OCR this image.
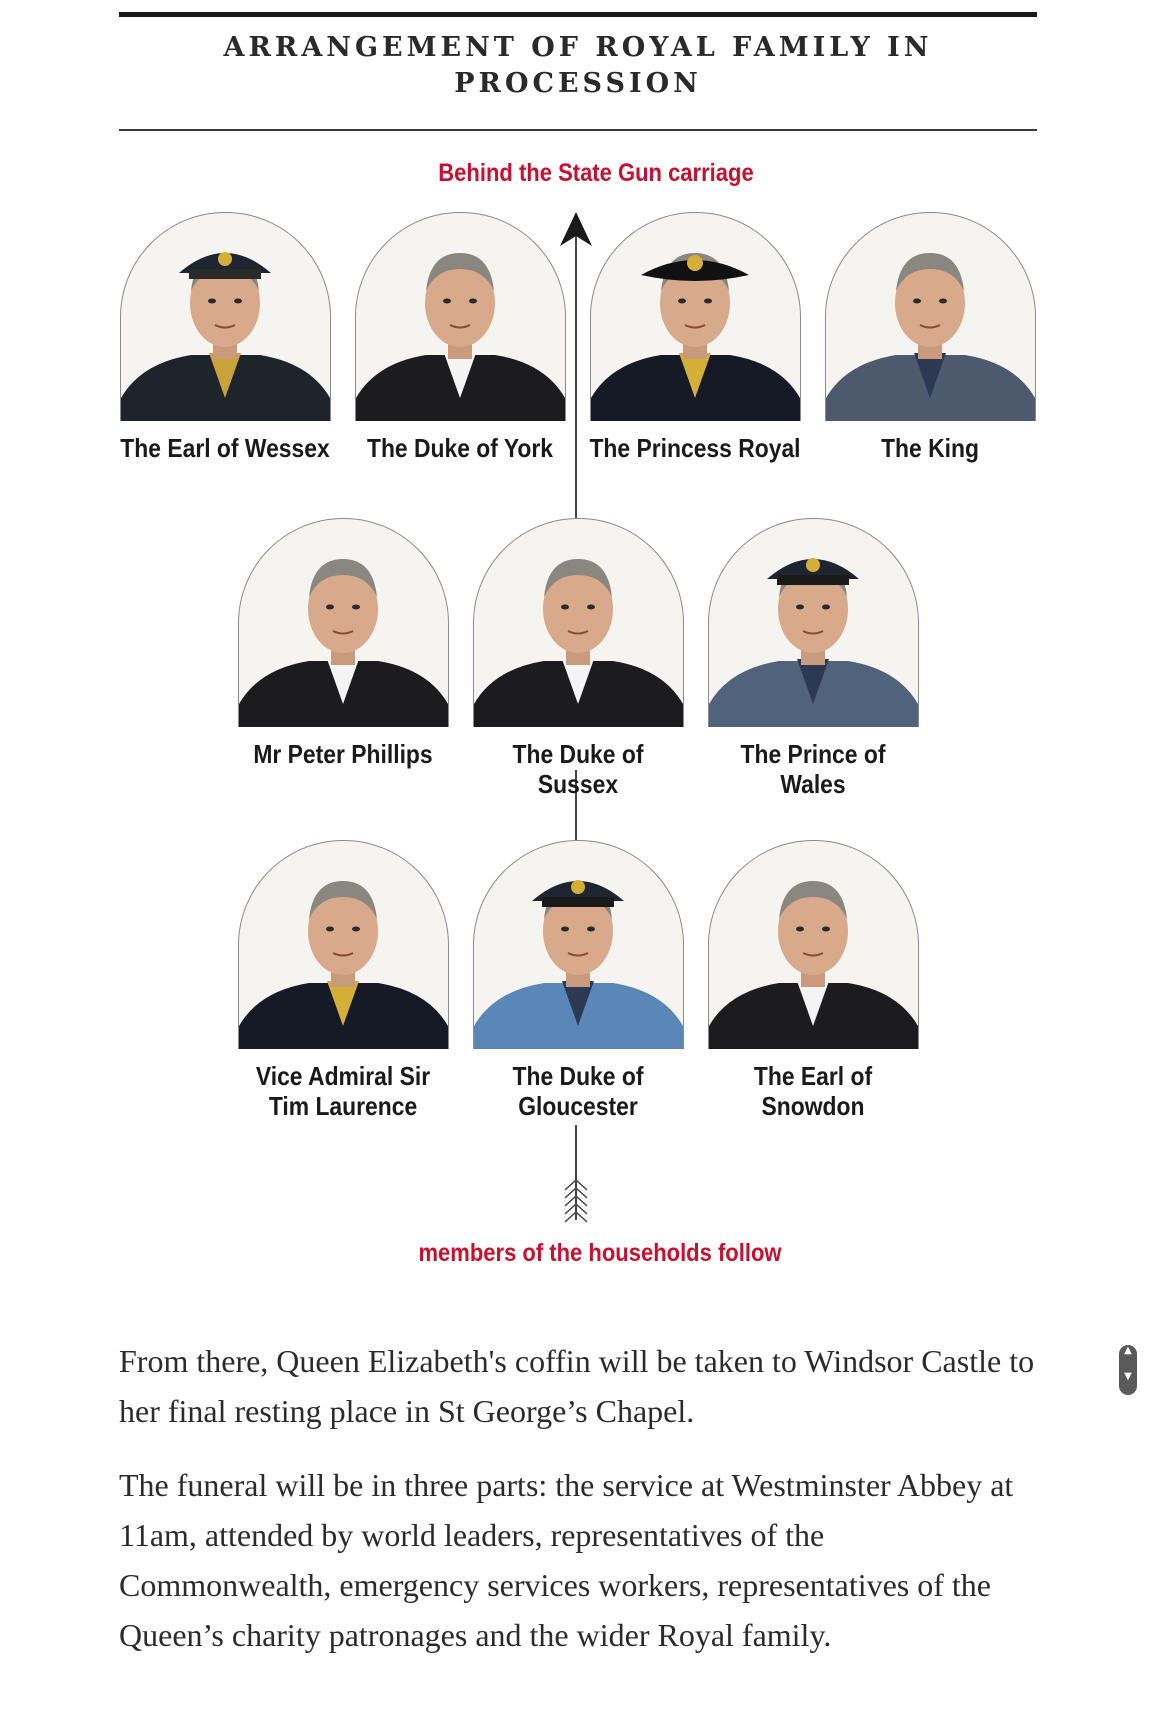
ARRANGEMENT OF ROYAL FAMILY IN PROCESSION
Behind the State Gun carriage
The Earl of Wessex	The Duke of York	The Princess Royal	The King
Mr Peter Phillips	The Duke of Sussex
The Prince of Wales
Vice Admiral Sir Tim Laurence
The Duke of Gloucester
The Earl of Snowdon
members of the households follow

From there, Queen Elizabeth's coffin will be taken to Windsor Castle to her final resting place in St George’s Chapel.

The funeral will be in three parts: the service at Westminster Abbey at 11am, attended by world leaders, representatives of the Commonwealth, emergency services workers, representatives of the Queen’s charity patronages and the wider Royal family.

▲
▼
